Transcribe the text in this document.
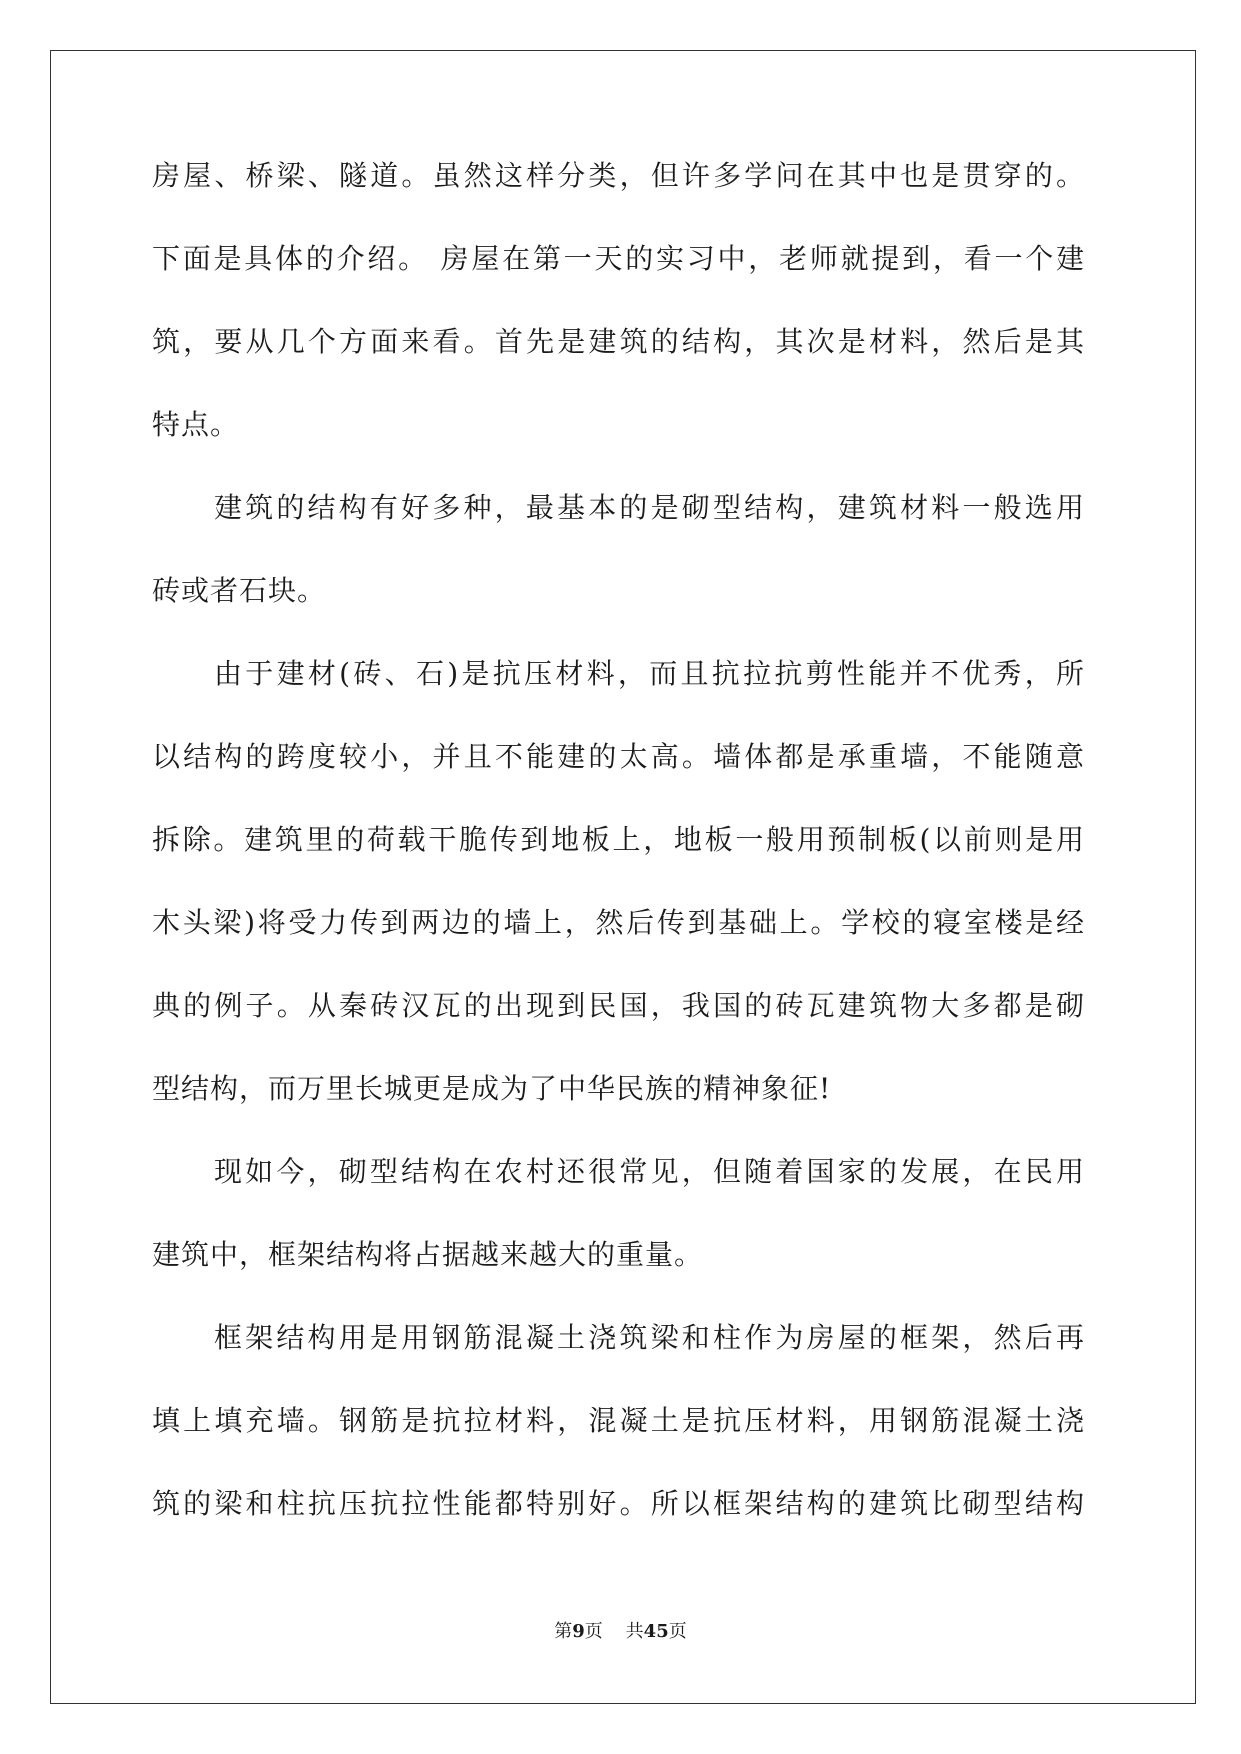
房屋、桥梁、隧道。虽然这样分类，但许多学问在其中也是贯穿的。
下面是具体的介绍。 房屋在第一天的实习中，老师就提到，看一个建
筑，要从几个方面来看。首先是建筑的结构，其次是材料，然后是其
特点。
建筑的结构有好多种，最基本的是砌型结构，建筑材料一般选用
砖或者石块。
由于建材(砖、石)是抗压材料，而且抗拉抗剪性能并不优秀，所
以结构的跨度较小，并且不能建的太高。墙体都是承重墙，不能随意
拆除。建筑里的荷载干脆传到地板上，地板一般用预制板(以前则是用
木头梁)将受力传到两边的墙上，然后传到基础上。学校的寝室楼是经
典的例子。从秦砖汉瓦的出现到民国，我国的砖瓦建筑物大多都是砌
型结构，而万里长城更是成为了中华民族的精神象征!
现如今，砌型结构在农村还很常见，但随着国家的发展，在民用
建筑中，框架结构将占据越来越大的重量。
框架结构用是用钢筋混凝土浇筑梁和柱作为房屋的框架，然后再
填上填充墙。钢筋是抗拉材料，混凝土是抗压材料，用钢筋混凝土浇
筑的梁和柱抗压抗拉性能都特别好。所以框架结构的建筑比砌型结构
第9页 共45页
